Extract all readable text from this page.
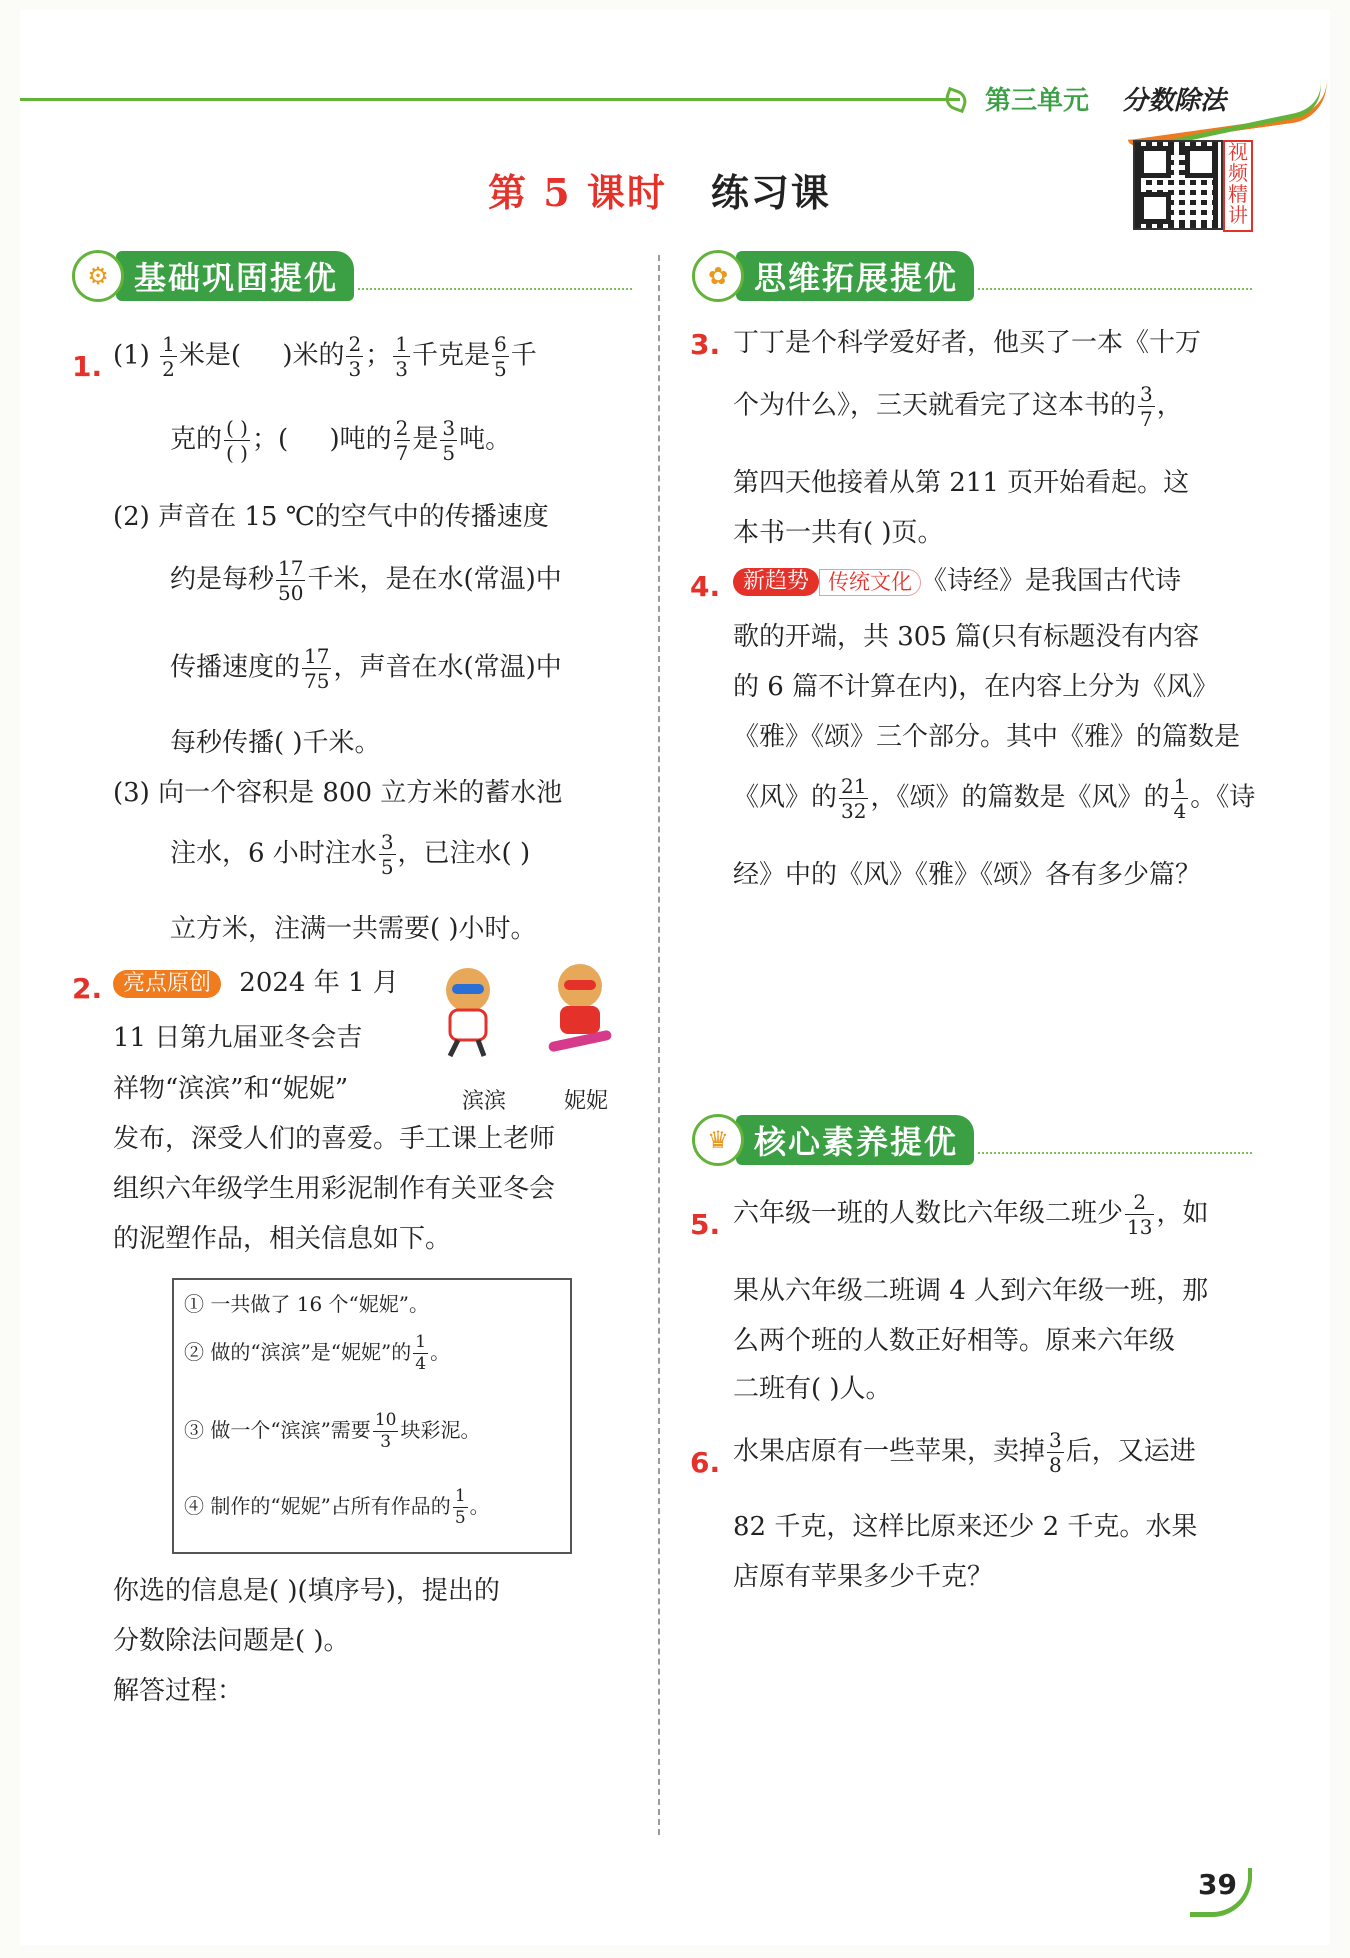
第三单元 分数除法
第 5 课时 练习课
视频精讲
⚙ 基础巩固提优	✿ 思维拓展提优
♛ 核心素养提优
1. $(1) \frac{1}{2}$ 米是( )米的 $\frac{2}{3}$ ； $\frac{1}{3}$ 千克是 $\frac{6}{5}$ 千
克的 $\frac{( )}{( )}$ ；( )吨的 $\frac{2}{7}$ 是 $\frac{3}{5}$ 吨。
(2) 声音在 15 ℃的空气中的传播速度
约是每秒 $\frac{17}{50}$ 千米，是在水(常温)中
传播速度的 $\frac{17}{75}$ ，声音在水(常温)中
每秒传播( )千米。
(3) 向一个容积是 800 立方米的蓄水池
注水，6 小时注水 $\frac{3}{5}$ ，已注水( )
立方米，注满一共需要( )小时。
2. 亮点原创 2024 年 1 月
11 日第九届亚冬会吉
祥物“滨滨”和“妮妮”
发布，深受人们的喜爱。手工课上老师
组织六年级学生用彩泥制作有关亚冬会
的泥塑作品，相关信息如下。
滨滨	妮妮
① 一共做了 16 个“妮妮”。
② 做的“滨滨”是“妮妮”的 $\frac{1}{4}$ 。
③ 做一个“滨滨”需要 $\frac{10}{3}$ 块彩泥。
④ 制作的“妮妮”占所有作品的 $\frac{1}{5}$ 。
你选的信息是( )(填序号)，提出的
分数除法问题是( )。
解答过程：
3. 丁丁是个科学爱好者，他买了一本《十万
个为什么》，三天就看完了这本书的 $\frac{3}{7}$ ，
第四天他接着从第 211 页开始看起。这
本书一共有( )页。
4.	新趋势 传统文化 《诗经》是我国古代诗
歌的开端，共 305 篇(只有标题没有内容
的 6 篇不计算在内)，在内容上分为《风》
《雅》《颂》三个部分。其中《雅》的篇数是
《风》的 $\frac{21}{32}$ ，《颂》的篇数是《风》的 $\frac{1}{4}$ 。《诗
经》中的《风》《雅》《颂》各有多少篇？
5. 六年级一班的人数比六年级二班少 $\frac{2}{13}$ ，如
果从六年级二班调 4 人到六年级一班，那
么两个班的人数正好相等。原来六年级
二班有( )人。
6. 水果店原有一些苹果，卖掉 $\frac{3}{8}$ 后，又运进
82 千克，这样比原来还少 2 千克。水果
店原有苹果多少千克？
39
